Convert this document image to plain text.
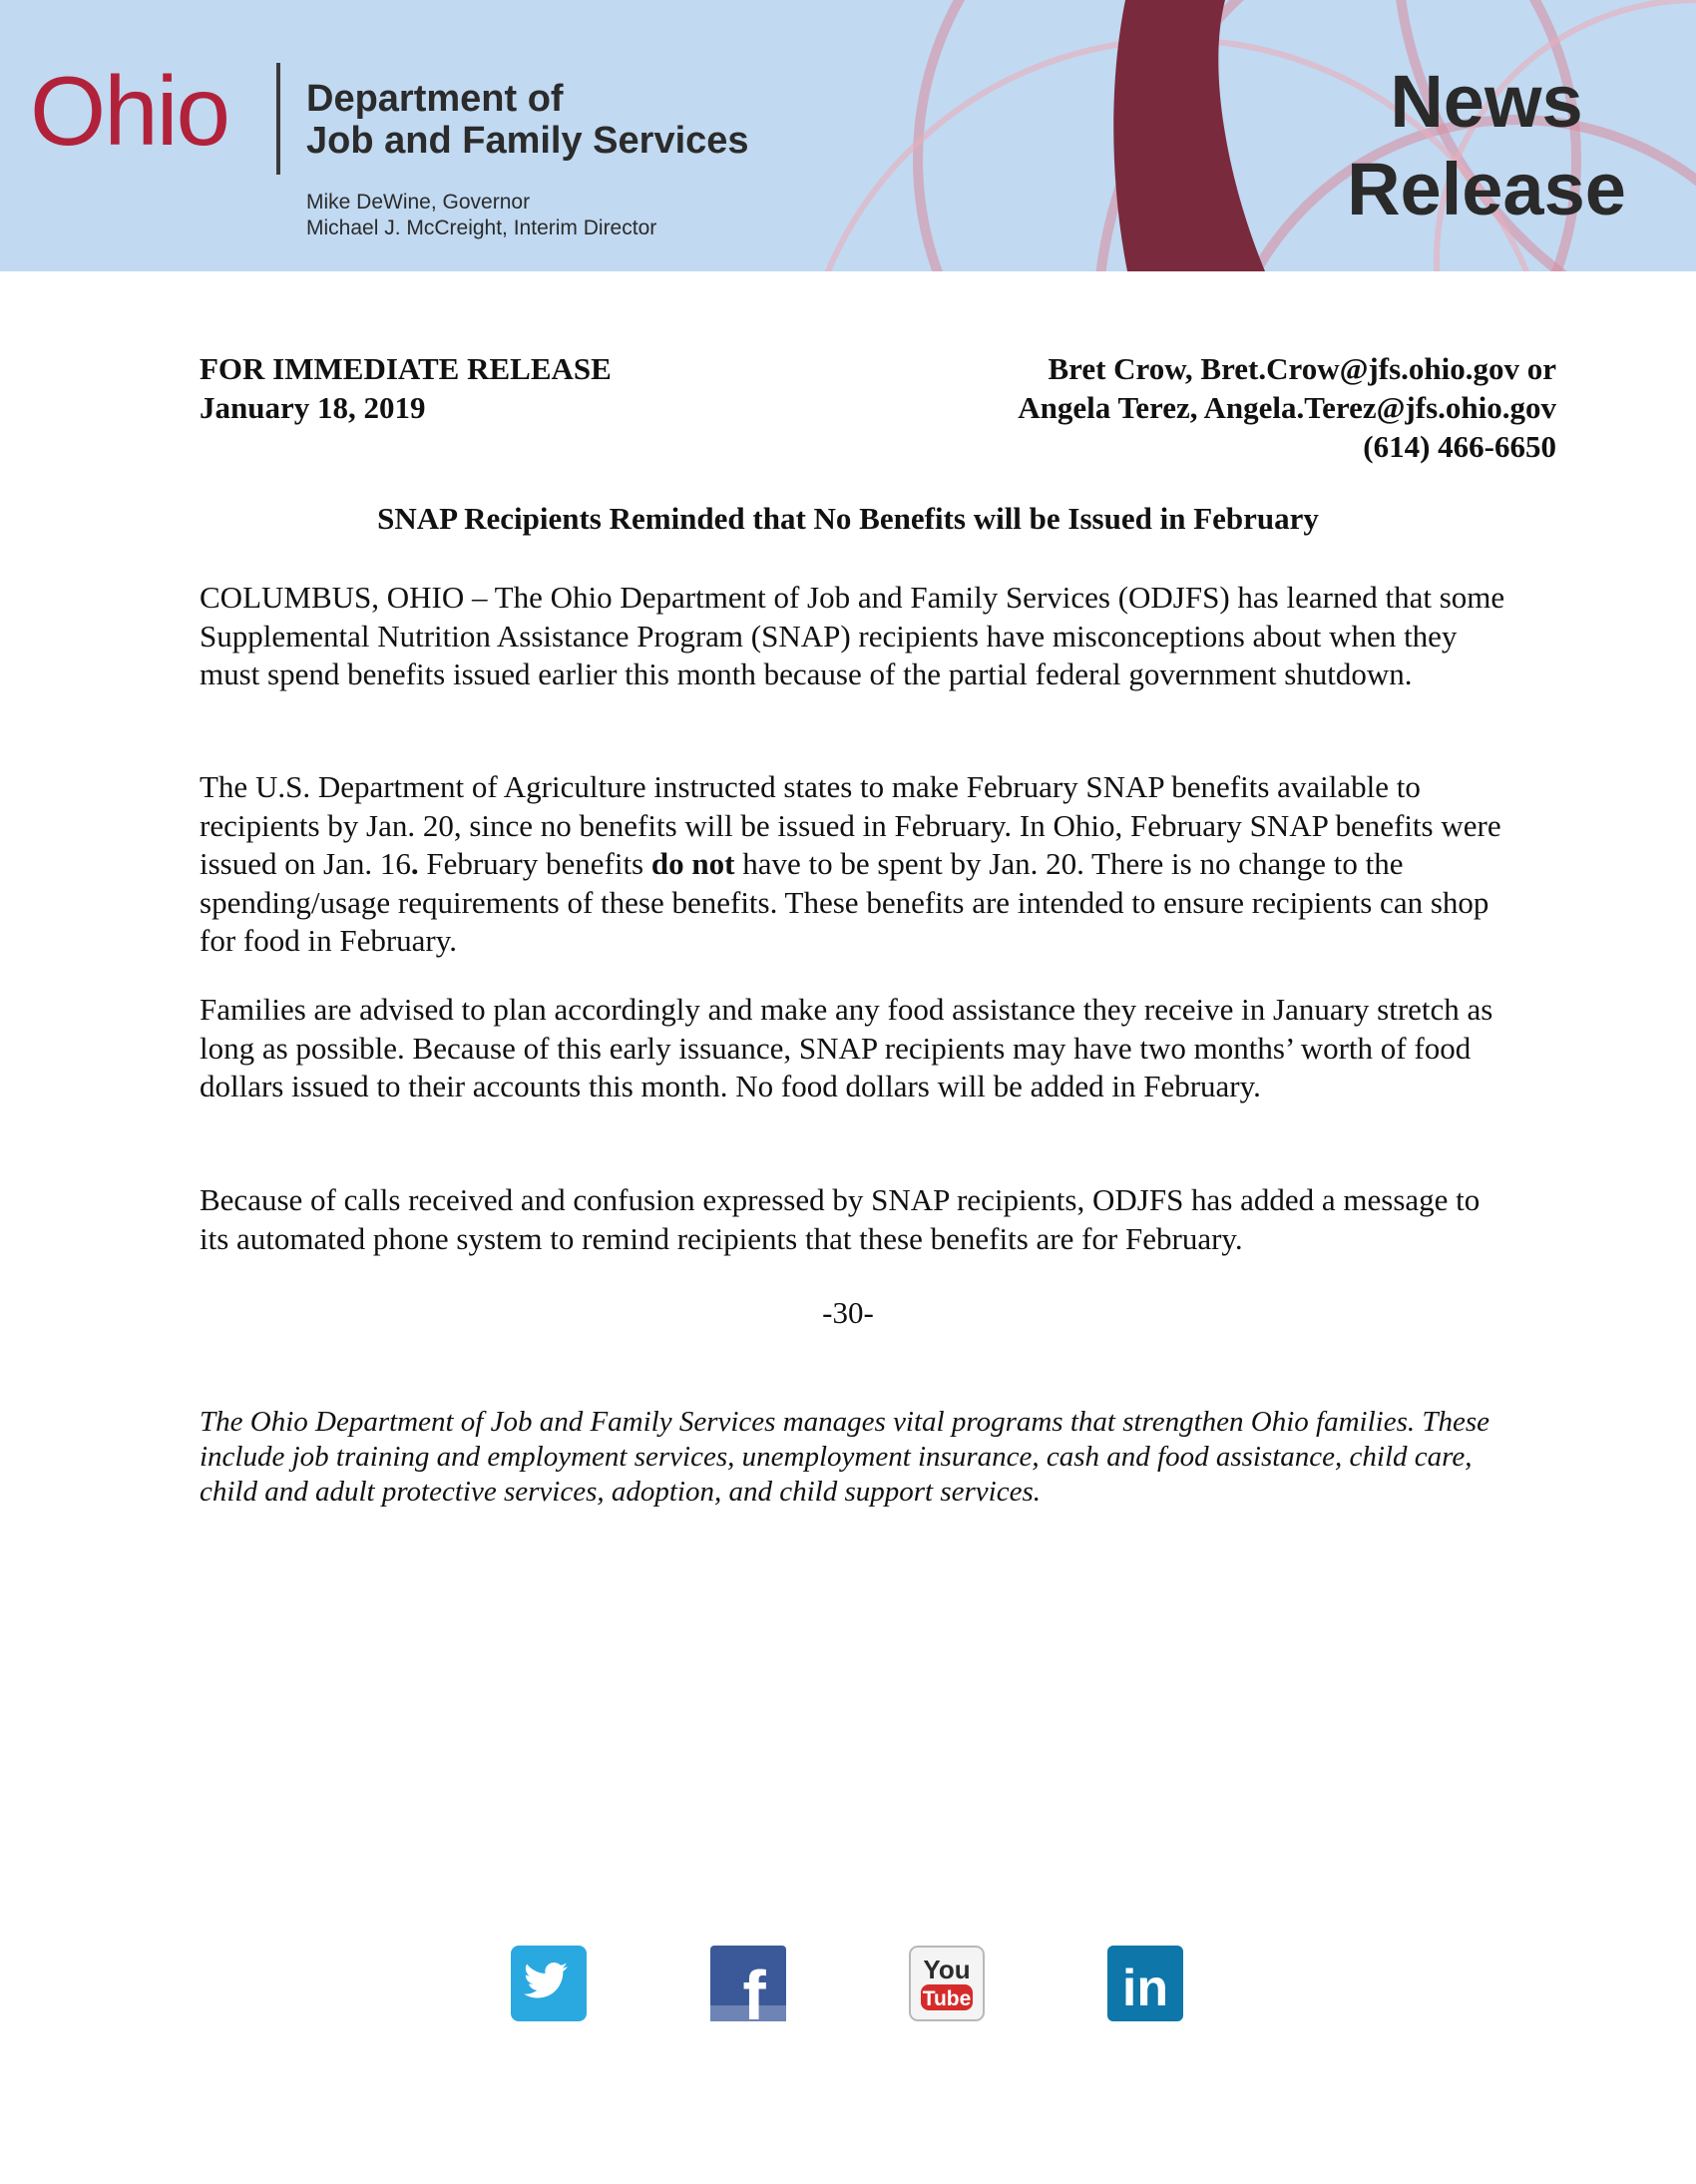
Ohio Department of
Job and Family Services
Mike DeWine, Governor
Michael J. McCreight, Interim Director
News
Release
FOR IMMEDIATE RELEASE
January 18, 2019
Bret Crow, Bret.Crow@jfs.ohio.gov or
Angela Terez, Angela.Terez@jfs.ohio.gov
(614) 466-6650
SNAP Recipients Reminded that No Benefits will be Issued in February

COLUMBUS, OHIO – The Ohio Department of Job and Family Services (ODJFS) has learned that some Supplemental Nutrition Assistance Program (SNAP) recipients have misconceptions about when they must spend benefits issued earlier this month because of the partial federal government shutdown.

The U.S. Department of Agriculture instructed states to make February SNAP benefits available to recipients by Jan. 20, since no benefits will be issued in February. In Ohio, February SNAP benefits were issued on Jan. 16. February benefits do not have to be spent by Jan. 20. There is no change to the spending/usage requirements of these benefits. These benefits are intended to ensure recipients can shop for food in February.

Families are advised to plan accordingly and make any food assistance they receive in January stretch as long as possible. Because of this early issuance, SNAP recipients may have two months’ worth of food dollars issued to their accounts this month. No food dollars will be added in February.

Because of calls received and confusion expressed by SNAP recipients, ODJFS has added a message to its automated phone system to remind recipients that these benefits are for February.

-30-

The Ohio Department of Job and Family Services manages vital programs that strengthen Ohio families. These include job training and employment services, unemployment insurance, cash and food assistance, child care, child and adult protective services, adoption, and child support services.

f	You
Tube	in
